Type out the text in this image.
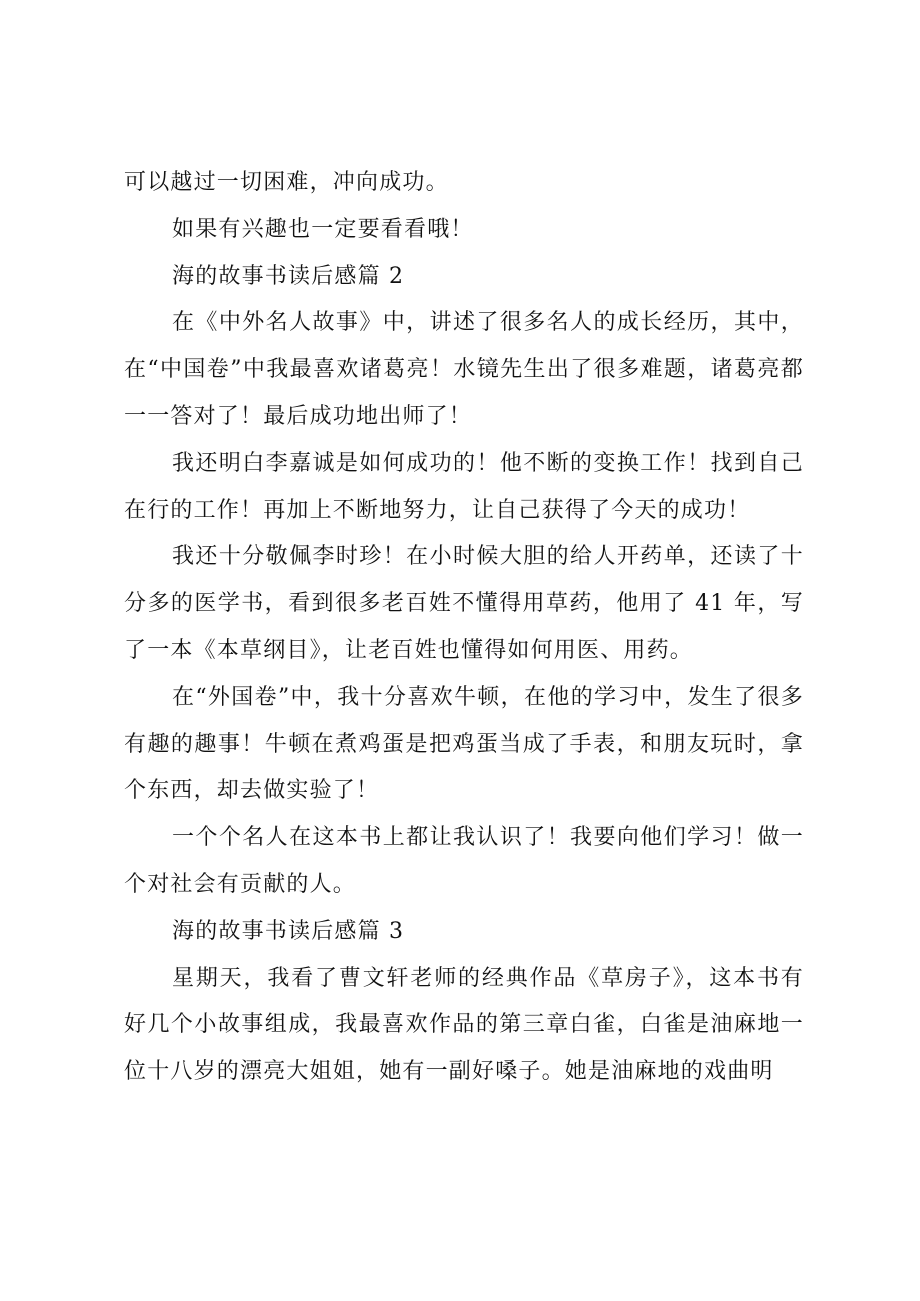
可以越过一切困难，冲向成功。

如果有兴趣也一定要看看哦！

海的故事书读后感篇 2

在《中外名人故事》中，讲述了很多名人的成长经历，其中，在“中国卷”中我最喜欢诸葛亮！水镜先生出了很多难题，诸葛亮都一一答对了！最后成功地出师了！

我还明白李嘉诚是如何成功的！他不断的变换工作！找到自己在行的工作！再加上不断地努力，让自己获得了今天的成功！

我还十分敬佩李时珍！在小时候大胆的给人开药单，还读了十分多的医学书，看到很多老百姓不懂得用草药，他用了 41 年，写了一本《本草纲目》，让老百姓也懂得如何用医、用药。

在“外国卷”中，我十分喜欢牛顿，在他的学习中，发生了很多有趣的趣事！牛顿在煮鸡蛋是把鸡蛋当成了手表，和朋友玩时，拿个东西，却去做实验了！

一个个名人在这本书上都让我认识了！我要向他们学习！做一个对社会有贡献的人。

海的故事书读后感篇 3

星期天，我看了曹文轩老师的经典作品《草房子》，这本书有好几个小故事组成，我最喜欢作品的第三章白雀，白雀是油麻地一位十八岁的漂亮大姐姐，她有一副好嗓子。她是油麻地的戏曲明
